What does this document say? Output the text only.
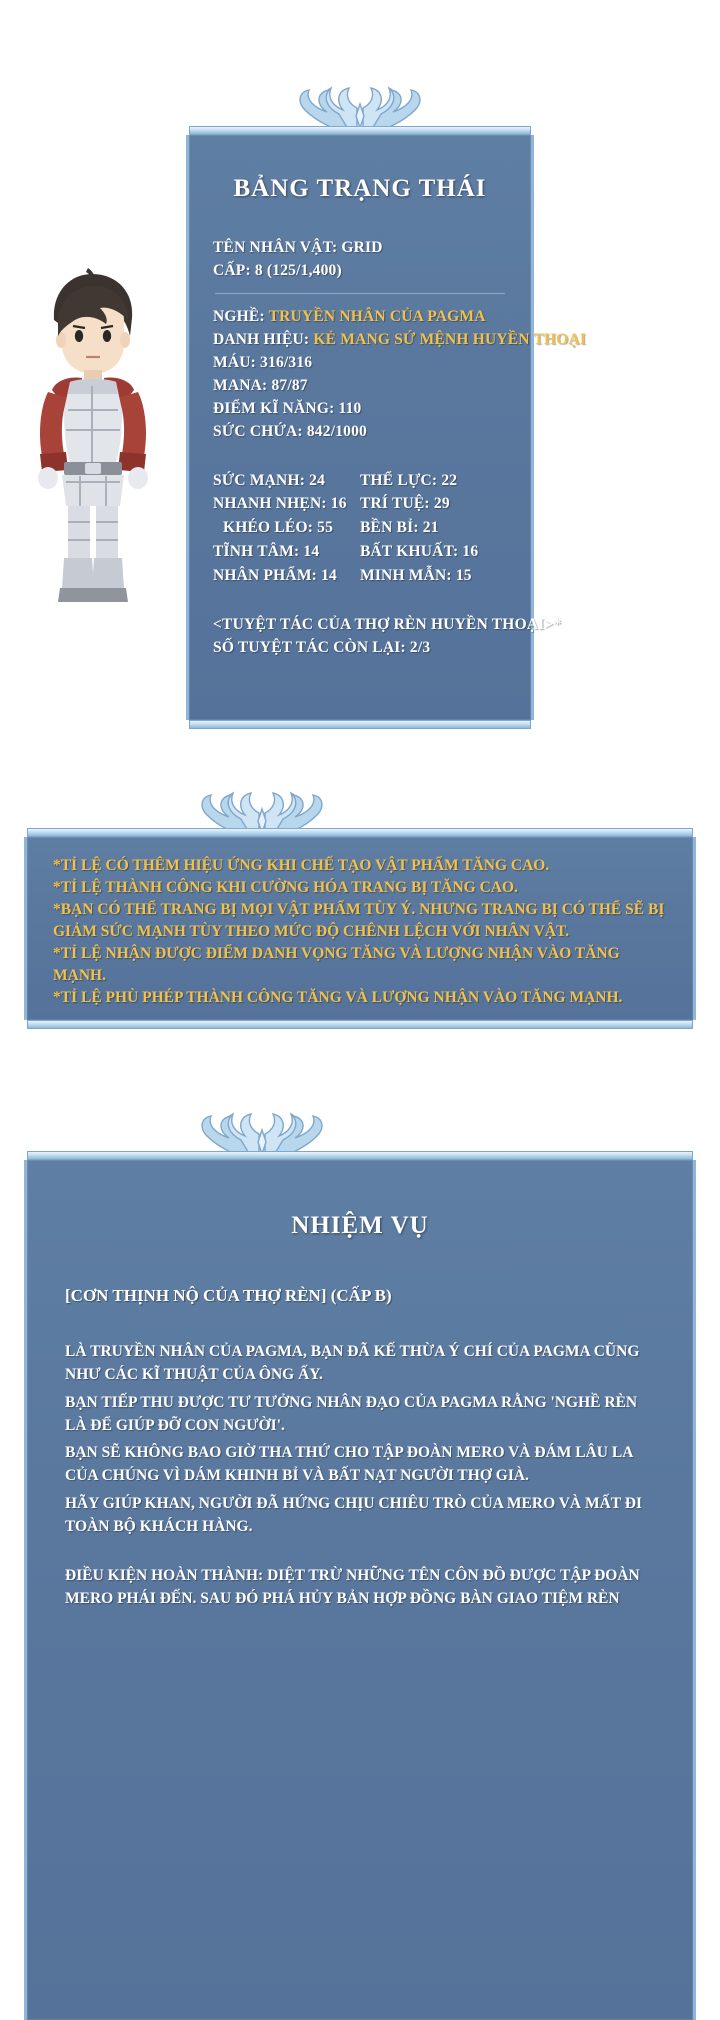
BẢNG TRẠNG THÁI
TÊN NHÂN VẬT: GRID
CẤP: 8 (125/1,400)
NGHỀ: TRUYỀN NHÂN CỦA PAGMA
DANH HIỆU: KẺ MANG SỨ MỆNH HUYỀN THOẠI
MÁU: 316/316
MANA: 87/87
ĐIỂM KĨ NĂNG: 110
SỨC CHỨA: 842/1000
SỨC MẠNH: 24	THỂ LỰC: 22
NHANH NHẸN: 16 TRÍ TUỆ: 29
KHÉO LÉO: 55	BỀN BỈ: 21
TĨNH TÂM: 14	BẤT KHUẤT: 16
NHÂN PHẨM: 14	MINH MẪN: 15
<TUYỆT TÁC CỦA THỢ RÈN HUYỀN THOẠI>*
SỐ TUYỆT TÁC CÒN LẠI: 2/3
*TỈ LỆ CÓ THÊM HIỆU ỨNG KHI CHẾ TẠO VẬT PHẨM TĂNG CAO.
*TỈ LỆ THÀNH CÔNG KHI CƯỜNG HÓA TRANG BỊ TĂNG CAO.
*BẠN CÓ THỂ TRANG BỊ MỌI VẬT PHẨM TÙY Ý. NHƯNG TRANG BỊ CÓ THỂ SẼ BỊ GIẢM SỨC MẠNH TÙY THEO MỨC ĐỘ CHÊNH LỆCH VỚI NHÂN VẬT.
*TỈ LỆ NHẬN ĐƯỢC ĐIỂM DANH VỌNG TĂNG VÀ LƯỢNG NHẬN VÀO TĂNG MẠNH.
*TỈ LỆ PHÙ PHÉP THÀNH CÔNG TĂNG VÀ LƯỢNG NHẬN VÀO TĂNG MẠNH.
NHIỆM VỤ
[CƠN THỊNH NỘ CỦA THỢ RÈN] (CẤP B)

LÀ TRUYỀN NHÂN CỦA PAGMA, BẠN ĐÃ KẾ THỪA Ý CHÍ CỦA PAGMA CŨNG NHƯ CÁC KĨ THUẬT CỦA ÔNG ẤY.

BẠN TIẾP THU ĐƯỢC TƯ TƯỞNG NHÂN ĐẠO CỦA PAGMA RẰNG 'NGHỀ RÈN LÀ ĐỂ GIÚP ĐỠ CON NGƯỜI'.

BẠN SẼ KHÔNG BAO GIỜ THA THỨ CHO TẬP ĐOÀN MERO VÀ ĐÁM LÂU LA CỦA CHÚNG VÌ DÁM KHINH BỈ VÀ BẤT NẠT NGƯỜI THỢ GIÀ.

HÃY GIÚP KHAN, NGƯỜI ĐÃ HỨNG CHỊU CHIÊU TRÒ CỦA MERO VÀ MẤT ĐI TOÀN BỘ KHÁCH HÀNG.

ĐIỀU KIỆN HOÀN THÀNH: DIỆT TRỪ NHỮNG TÊN CÔN ĐỒ ĐƯỢC TẬP ĐOÀN MERO PHÁI ĐẾN. SAU ĐÓ PHÁ HỦY BẢN HỢP ĐỒNG BÀN GIAO TIỆM RÈN
